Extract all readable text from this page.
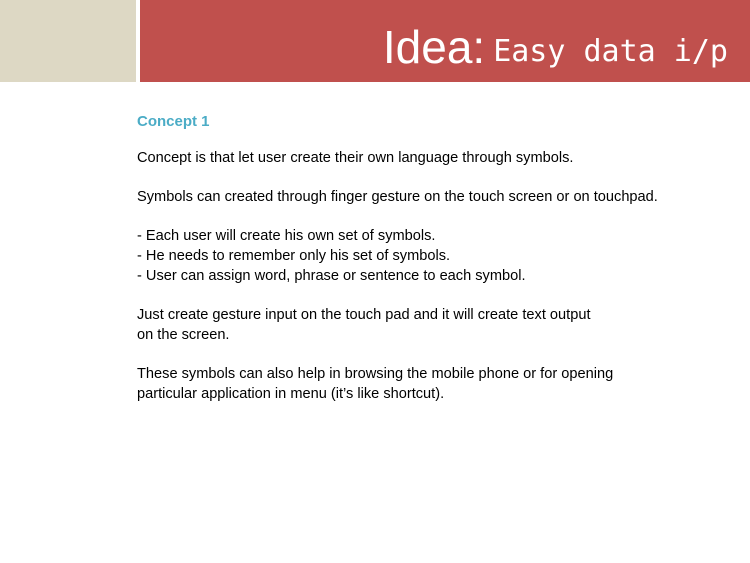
Idea: Easy data i/p
Concept 1
Concept is that let user create their own language through symbols.
Symbols can created through finger gesture on the touch screen or on touchpad.
- Each user will create his own set of symbols.
- He needs to remember only his set of symbols.
- User can assign word, phrase or sentence to each symbol.
Just create gesture input on the touch pad and it will create text output
on the screen.
These symbols can also help in browsing the mobile phone or for opening
particular application in menu (it’s like shortcut).
